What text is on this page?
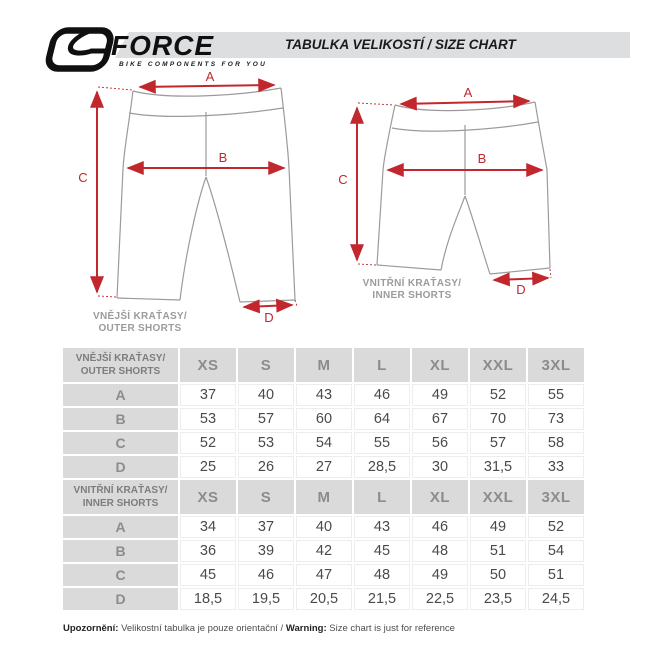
TABULKA VELIKOSTÍ / SIZE CHART
FORCE
BIKE COMPONENTS FOR YOU
A
B
C
D
VNĚJŠÍ KRAŤASY/
OUTER SHORTS
A
B
C
D
VNITŘNÍ KRAŤASY/
INNER SHORTS
VNĚJŠÍ KRAŤASY/
OUTER SHORTS	XS	S	M	L	XL	XXL	3XL
A	37	40	43	46	49	52	55
B	53	57	60	64	67	70	73
C	52	53	54	55	56	57	58
D	25	26	27	28,5	30	31,5	33

VNITŘNÍ KRAŤASY/
INNER SHORTS	XS	S	M	L	XL	XXL	3XL
A	34	37	40	43	46	49	52
B	36	39	42	45	48	51	54
C	45	46	47	48	49	50	51
D	18,5	19,5	20,5	21,5	22,5	23,5	24,5
Upozornění: Velikostní tabulka je pouze orientační / Warning: Size chart is just for reference
